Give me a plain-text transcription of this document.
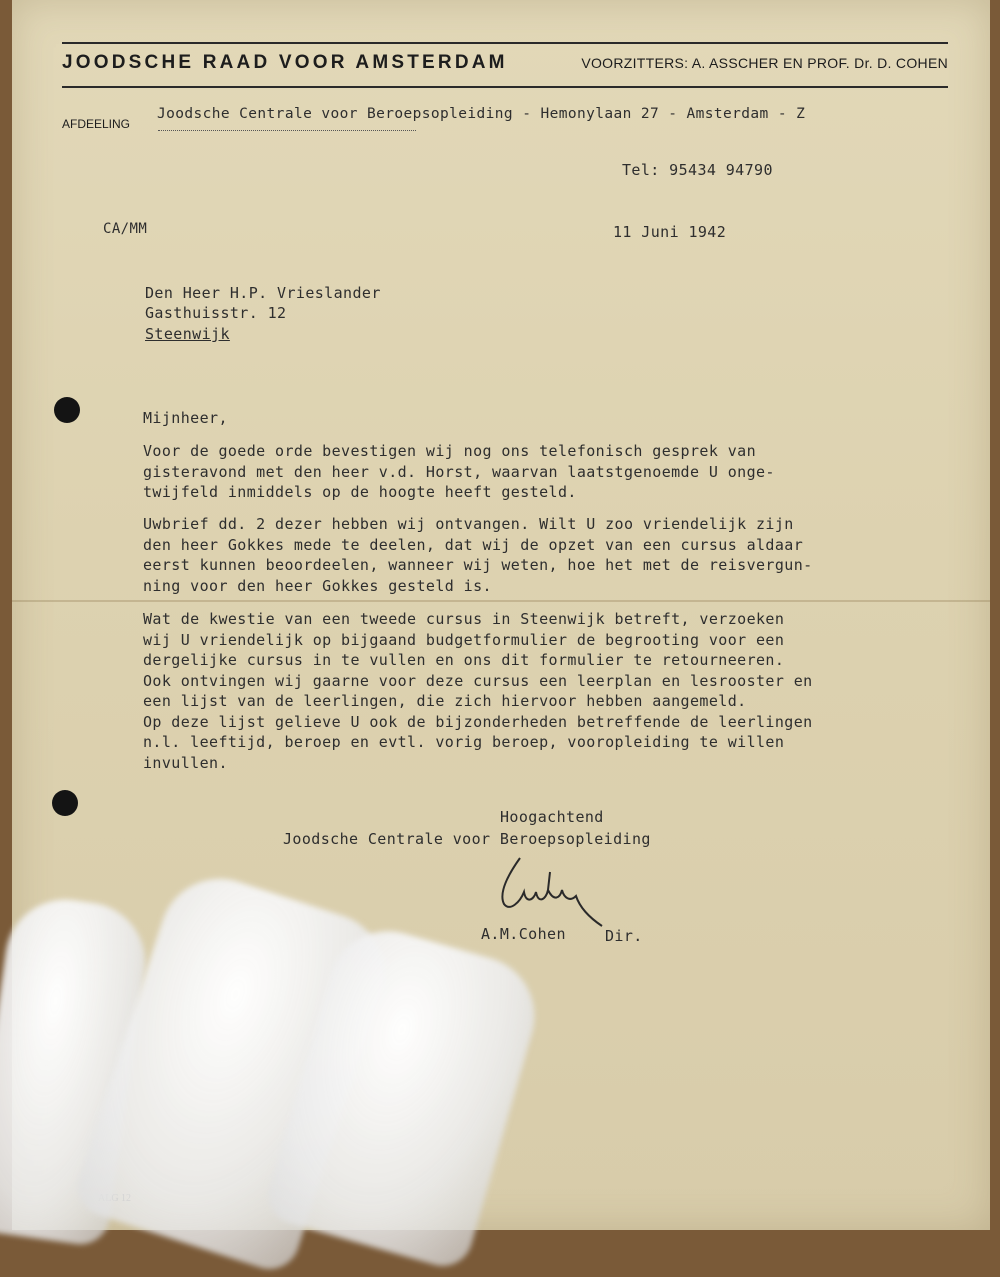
JOODSCHE RAAD VOOR AMSTERDAM	VOORZITTERS: A. ASSCHER EN PROF. Dr. D. COHEN
AFDEELING
Joodsche Centrale voor Beroepsopleiding - Hemonylaan 27 - Amsterdam - Z
Tel: 95434 94790
CA/MM	11 Juni 1942
Den Heer H.P. Vrieslander
Gasthuisstr. 12
Steenwijk
Mijnheer,
Voor de goede orde bevestigen wij nog ons telefonisch gesprek van
gisteravond met den heer v.d. Horst, waarvan laatstgenoemde U onge-
twijfeld inmiddels op de hoogte heeft gesteld.
Uwbrief dd. 2 dezer hebben wij ontvangen. Wilt U zoo vriendelijk zijn
den heer Gokkes mede te deelen, dat wij de opzet van een cursus aldaar
eerst kunnen beoordeelen, wanneer wij weten, hoe het met de reisvergun-
ning voor den heer Gokkes gesteld is.
Wat de kwestie van een tweede cursus in Steenwijk betreft, verzoeken
wij U vriendelijk op bijgaand budgetformulier de begrooting voor een
dergelijke cursus in te vullen en ons dit formulier te retourneeren.
Ook ontvingen wij gaarne voor deze cursus een leerplan en lesrooster en
een lijst van de leerlingen, die zich hiervoor hebben aangemeld.
Op deze lijst gelieve U ook de bijzonderheden betreffende de leerlingen
n.l. leeftijd, beroep en evtl. vorig beroep, vooropleiding te willen
invullen.
Hoogachtend
Joodsche Centrale voor Beroepsopleiding
A.M.Cohen	Dir.
